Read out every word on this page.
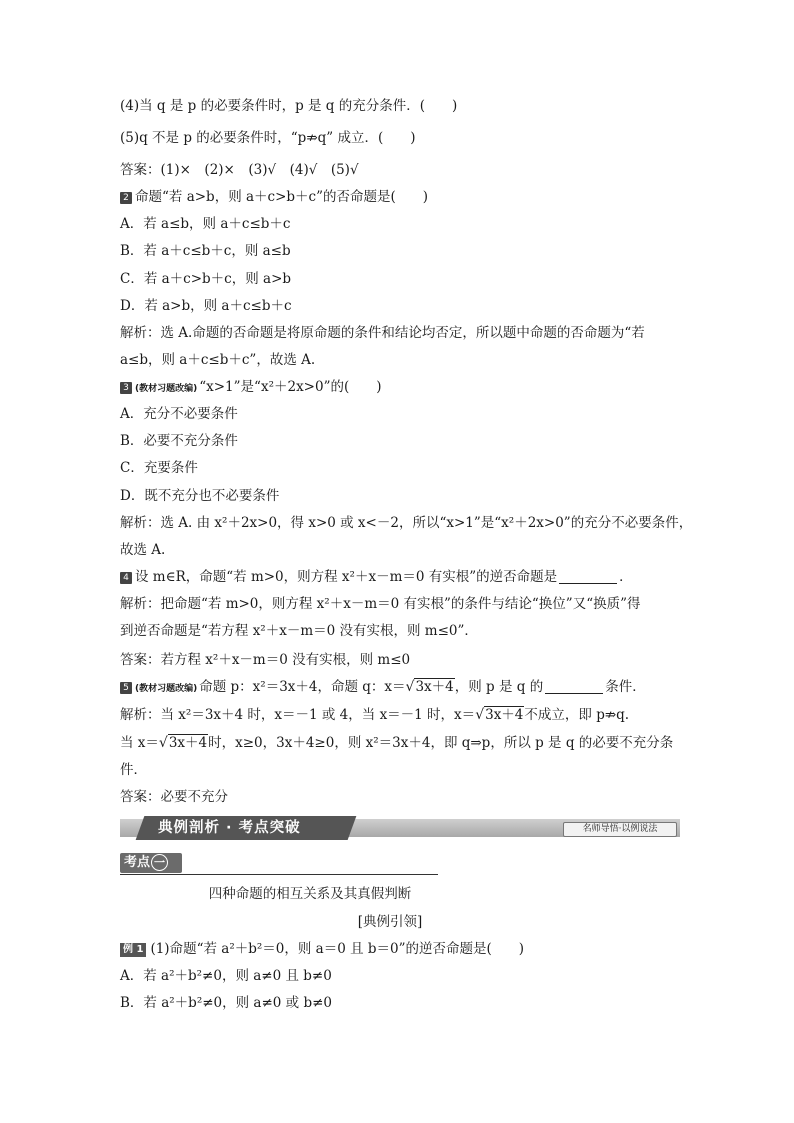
(4)当 q 是 p 的必要条件时，p 是 q 的充分条件．(　　)
(5)q 不是 p 的必要条件时，“p⇏q” 成立．(　　)
答案：(1)×　(2)×　(3)√　(4)√　(5)√
2 命题“若 a>b，则 a＋c>b＋c”的否命题是(　　)
A．若 a≤b，则 a＋c≤b＋c
B．若 a＋c≤b＋c，则 a≤b
C．若 a＋c>b＋c，则 a>b
D．若 a>b，则 a＋c≤b＋c
解析：选 A.命题的否命题是将原命题的条件和结论均否定，所以题中命题的否命题为“若
a≤b，则 a＋c≤b＋c”，故选 A.
3 (教材习题改编) “x>1”是“x²＋2x>0”的(　　)
A．充分不必要条件
B．必要不充分条件
C．充要条件
D．既不充分也不必要条件
解析：选 A. 由 x²＋2x>0，得 x>0 或 x<－2，所以“x>1”是“x²＋2x>0”的充分不必要条件，
故选 A.
4 设 m∈R，命题“若 m>0，则方程 x²＋x－m＝0 有实根”的逆否命题是	．
解析：把命题“若 m>0，则方程 x²＋x－m＝0 有实根”的条件与结论“换位”又“换质”得
到逆否命题是“若方程 x²＋x－m＝0 没有实根，则 m≤0”．
答案：若方程 x²＋x－m＝0 没有实根，则 m≤0
5 (教材习题改编) 命题 p：x²＝3x＋4，命题 q：x＝√3x＋4，则 p 是 q 的	条件．
解析：当 x²＝3x＋4 时，x＝－1 或 4，当 x＝－1 时，x＝√3x＋4不成立，即 p⇏q.
当 x＝√3x＋4时，x≥0，3x＋4≥0，则 x²＝3x＋4，即 q⇒p，所以 p 是 q 的必要不充分条
件．
答案：必要不充分
典例剖析 · 考点突破	名师导悟·以例说法
考点 一
四种命题的相互关系及其真假判断
[典例引领]
例 1 (1)命题“若 a²＋b²＝0，则 a＝0 且 b＝0”的逆否命题是(　　)
A．若 a²＋b²≠0，则 a≠0 且 b≠0
B．若 a²＋b²≠0，则 a≠0 或 b≠0
